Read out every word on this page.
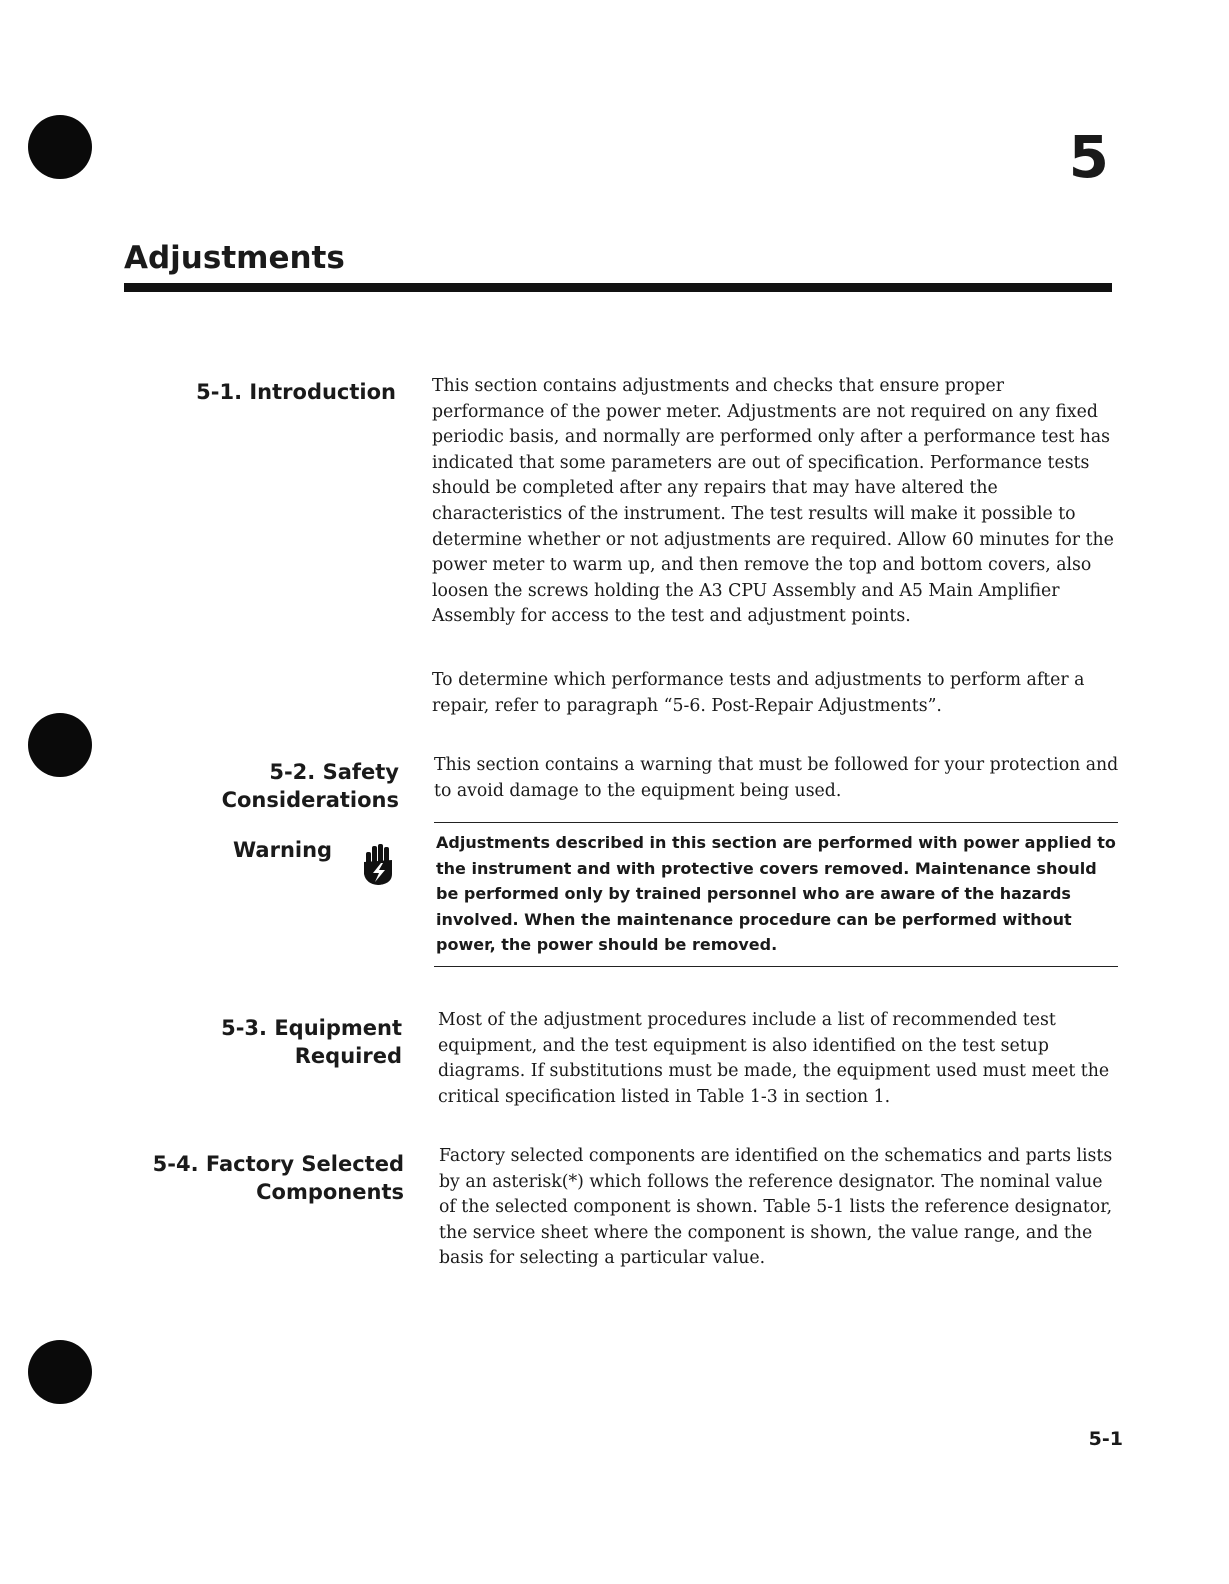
5
Adjustments
5-1. Introduction This section contains adjustments and checks that ensure proper performance of the power meter. Adjustments are not required on any fixed periodic basis, and normally are performed only after a performance test has indicated that some parameters are out of specification. Performance tests should be completed after any repairs that may have altered the characteristics of the instrument. The test results will make it possible to determine whether or not adjustments are required. Allow 60 minutes for the power meter to warm up, and then remove the top and bottom covers, also loosen the screws holding the A3 CPU Assembly and A5 Main Amplifier Assembly for access to the test and adjustment points.

To determine which performance tests and adjustments to perform after a repair, refer to paragraph “5-6. Post-Repair Adjustments”.

5-2. Safety
Considerations

This section contains a warning that must be followed for your protection and to avoid damage to the equipment being used.

Warning	Adjustments described in this section are performed with power applied to the instrument and with protective covers removed. Maintenance should be performed only by trained personnel who are aware of the hazards involved. When the maintenance procedure can be performed without power, the power should be removed.

5-3. Equipment
Required

Most of the adjustment procedures include a list of recommended test equipment, and the test equipment is also identified on the test setup diagrams. If substitutions must be made, the equipment used must meet the critical specification listed in Table 1-3 in section 1.

5-4. Factory Selected
Components

Factory selected components are identified on the schematics and parts lists by an asterisk(*) which follows the reference designator. The nominal value of the selected component is shown. Table 5-1 lists the reference designator, the service sheet where the component is shown, the value range, and the basis for selecting a particular value.

5-1
